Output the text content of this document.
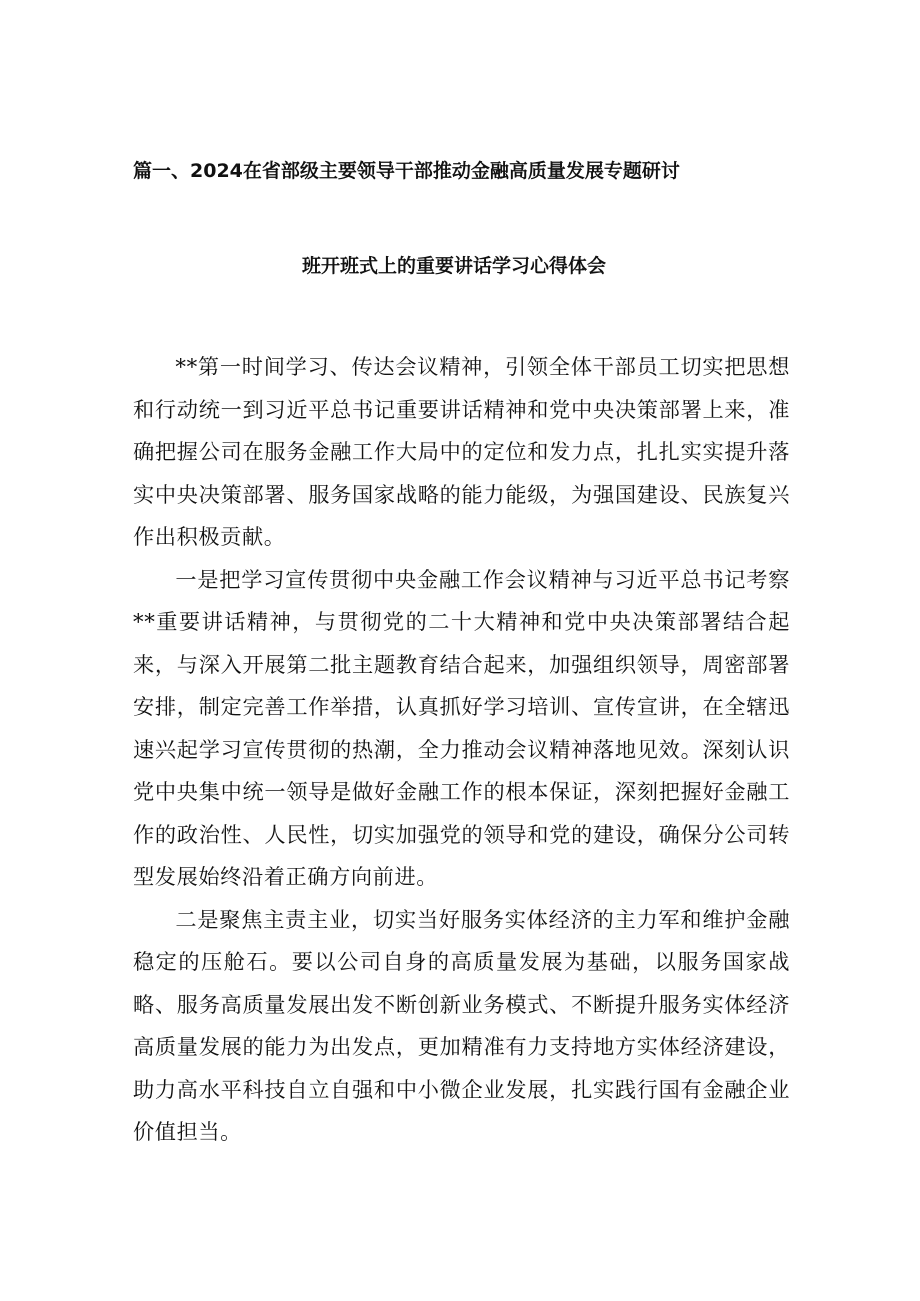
篇一、2024在省部级主要领导干部推动金融高质量发展专题研讨
班开班式上的重要讲话学习心得体会

**第一时间学习、传达会议精神，引领全体干部员工切实把思想和行动统一到习近平总书记重要讲话精神和党中央决策部署上来，准确把握公司在服务金融工作大局中的定位和发力点，扎扎实实提升落实中央决策部署、服务国家战略的能力能级，为强国建设、民族复兴作出积极贡献。

一是把学习宣传贯彻中央金融工作会议精神与习近平总书记考察**重要讲话精神，与贯彻党的二十大精神和党中央决策部署结合起来，与深入开展第二批主题教育结合起来，加强组织领导，周密部署安排，制定完善工作举措，认真抓好学习培训、宣传宣讲，在全辖迅速兴起学习宣传贯彻的热潮，全力推动会议精神落地见效。深刻认识党中央集中统一领导是做好金融工作的根本保证，深刻把握好金融工作的政治性、人民性，切实加强党的领导和党的建设，确保分公司转型发展始终沿着正确方向前进。

二是聚焦主责主业，切实当好服务实体经济的主力军和维护金融稳定的压舱石。要以公司自身的高质量发展为基础，以服务国家战略、服务高质量发展出发不断创新业务模式、不断提升服务实体经济高质量发展的能力为出发点，更加精准有力支持地方实体经济建设，助力高水平科技自立自强和中小微企业发展，扎实践行国有金融企业价值担当。
